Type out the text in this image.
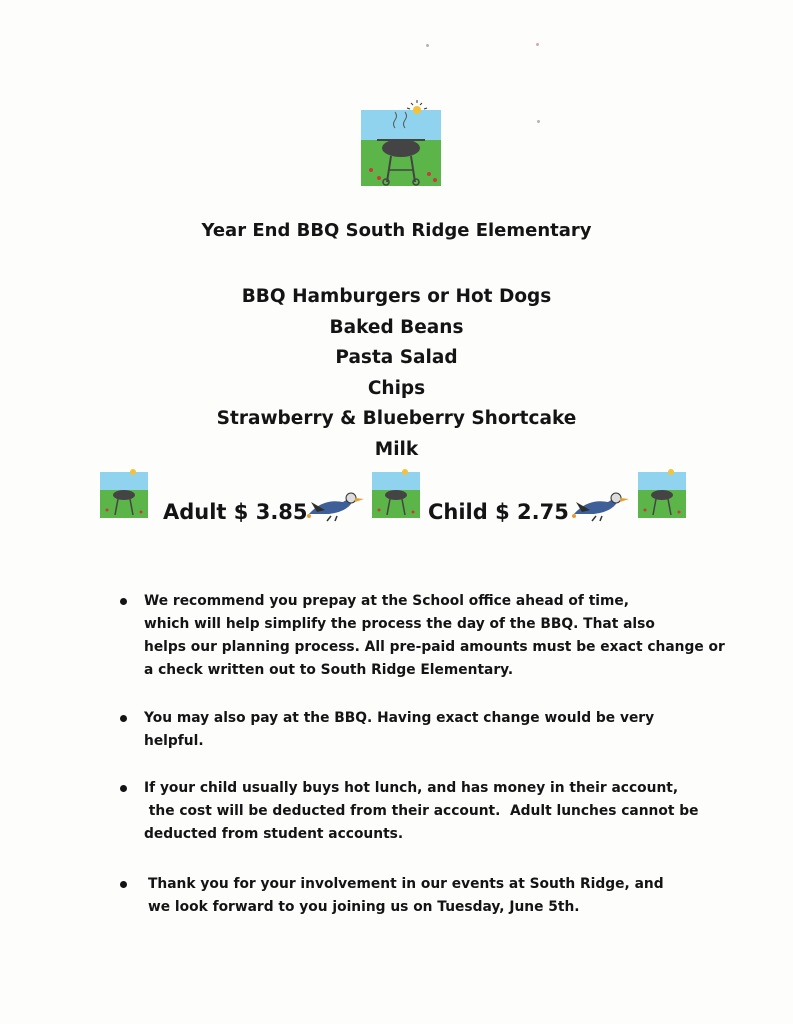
Year End BBQ South Ridge Elementary
BBQ Hamburgers or Hot Dogs
Baked Beans
Pasta Salad
Chips
Strawberry & Blueberry Shortcake
Milk
Adult $ 3.85	Child $ 2.75
We recommend you prepay at the School office ahead of time,
which will help simplify the process the day of the BBQ. That also
helps our planning process. All pre-paid amounts must be exact change or
a check written out to South Ridge Elementary.
You may also pay at the BBQ. Having exact change would be very
helpful.
If your child usually buys hot lunch, and has money in their account,
the cost will be deducted from their account.  Adult lunches cannot be
deducted from student accounts.
Thank you for your involvement in our events at South Ridge, and
we look forward to you joining us on Tuesday, June 5th.
